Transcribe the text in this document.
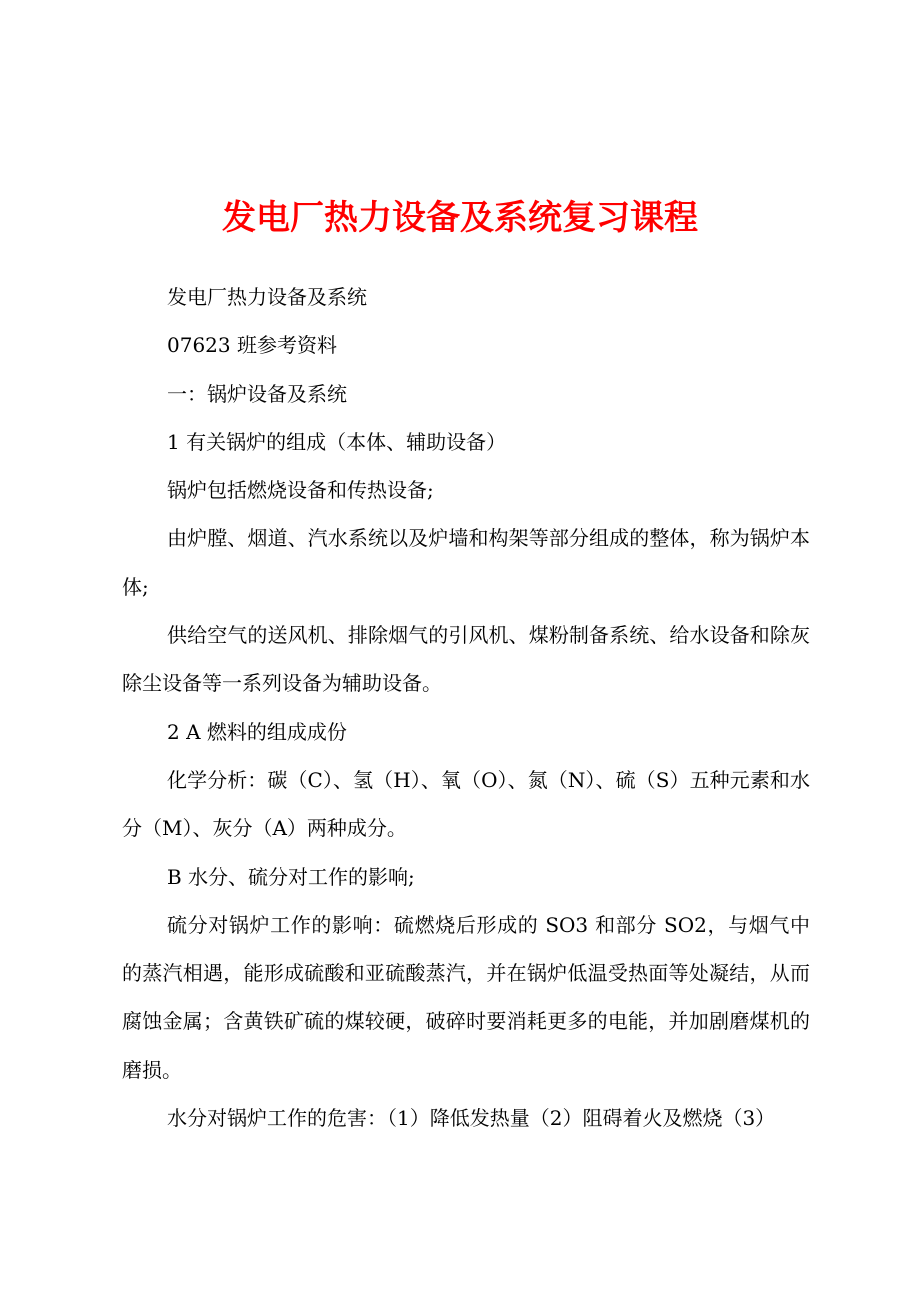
发电厂热力设备及系统复习课程

发电厂热力设备及系统

07623 班参考资料

一：锅炉设备及系统

1 有关锅炉的组成（本体、辅助设备）

锅炉包括燃烧设备和传热设备;

由炉膛、烟道、汽水系统以及炉墙和构架等部分组成的整体，称为锅炉本体;

供给空气的送风机、排除烟气的引风机、煤粉制备系统、给水设备和除灰除尘设备等一系列设备为辅助设备。

2 A 燃料的组成成份

化学分析：碳（C）、氢（H）、氧（O）、氮（N）、硫（S）五种元素和水分（M）、灰分（A）两种成分。

B 水分、硫分对工作的影响;

硫分对锅炉工作的影响：硫燃烧后形成的 SO3 和部分 SO2，与烟气中的蒸汽相遇，能形成硫酸和亚硫酸蒸汽，并在锅炉低温受热面等处凝结，从而腐蚀金属；含黄铁矿硫的煤较硬，破碎时要消耗更多的电能，并加剧磨煤机的磨损。

水分对锅炉工作的危害：（1）降低发热量（2）阻碍着火及燃烧（3）
